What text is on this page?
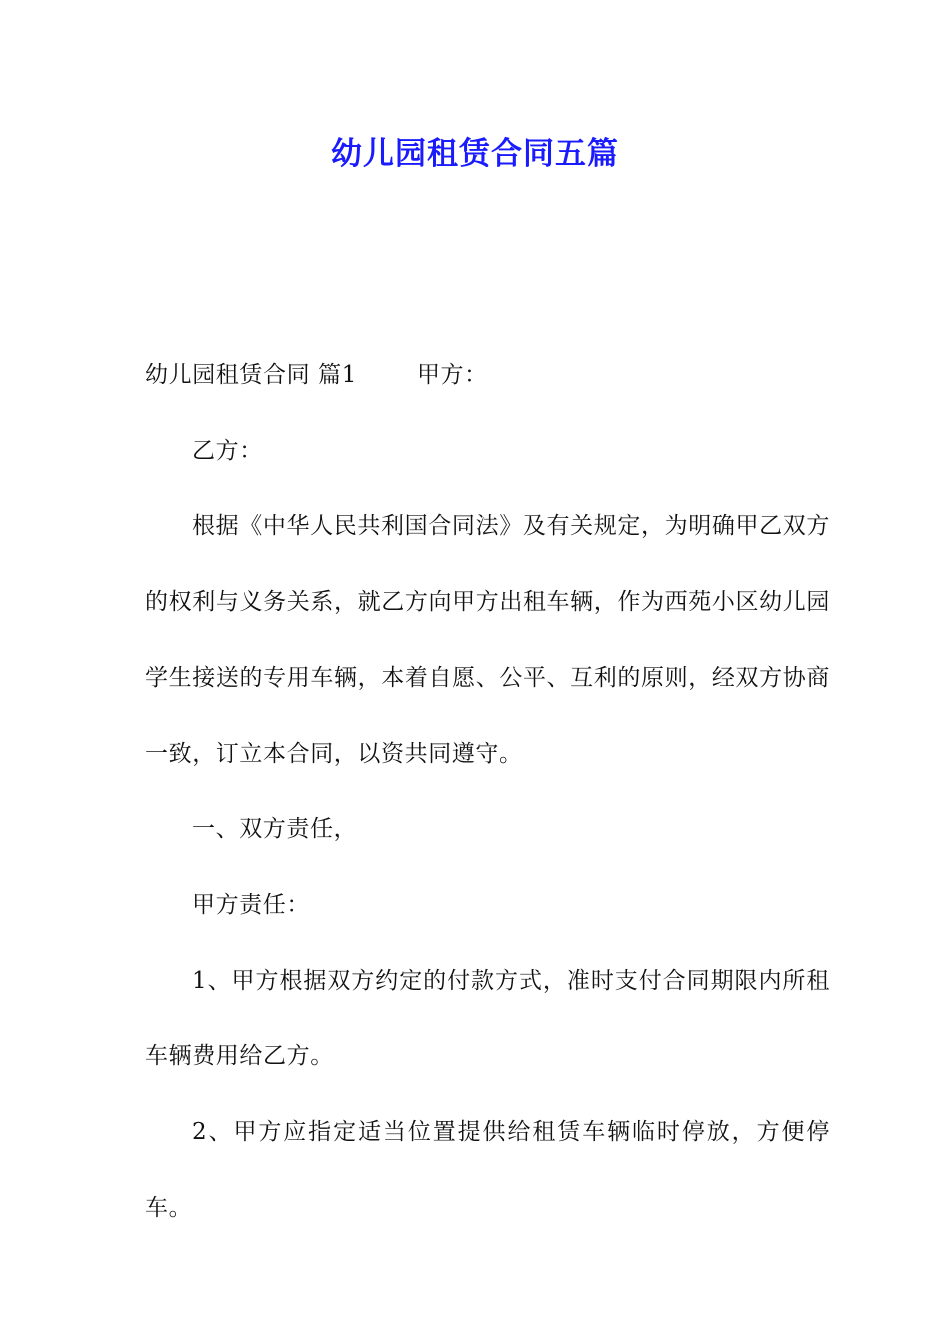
幼儿园租赁合同五篇

幼儿园租赁合同 篇1	甲方：

乙方：

根据《中华人民共利国合同法》及有关规定，为明确甲乙双方的权利与义务关系，就乙方向甲方出租车辆，作为西苑小区幼儿园学生接送的专用车辆，本着自愿、公平、互利的原则，经双方协商一致，订立本合同，以资共同遵守。

一、双方责任，

甲方责任：

1、甲方根据双方约定的付款方式，准时支付合同期限内所租车辆费用给乙方。

2、甲方应指定适当位置提供给租赁车辆临时停放，方便停车。
